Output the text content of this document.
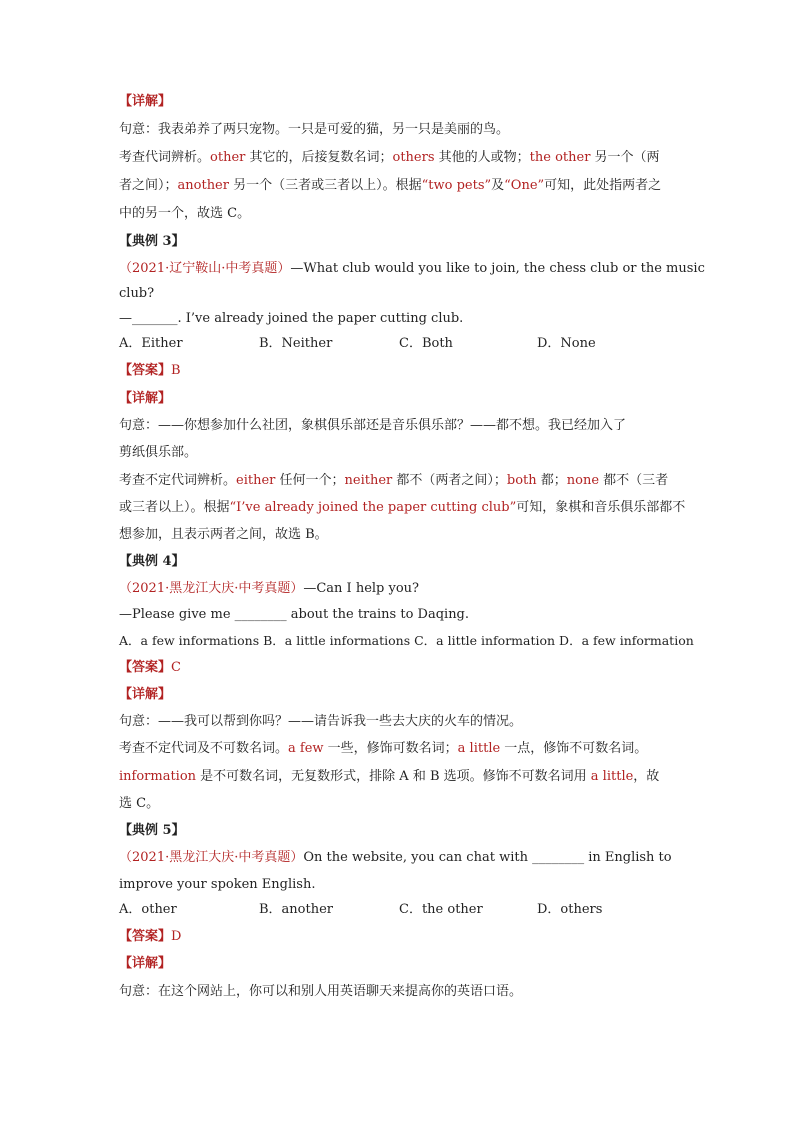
【详解】
句意：我表弟养了两只宠物。一只是可爱的猫，另一只是美丽的鸟。
考查代词辨析。other 其它的，后接复数名词；others 其他的人或物；the other 另一个（两
者之间）；another 另一个（三者或三者以上）。根据“two pets”及“One”可知，此处指两者之
中的另一个，故选 C。
【典例 3】
（2021·辽宁鞍山·中考真题）—What club would you like to join, the chess club or the music
club?
—_______. I’ve already joined the paper cutting club.
A．Either	B．Neither	C．Both	D．None
【答案】B
【详解】
句意：——你想参加什么社团，象棋俱乐部还是音乐俱乐部？——都不想。我已经加入了
剪纸俱乐部。
考查不定代词辨析。either 任何一个；neither 都不（两者之间）；both 都；none 都不（三者
或三者以上）。根据“I’ve already joined the paper cutting club”可知，象棋和音乐俱乐部都不
想参加，且表示两者之间，故选 B。
【典例 4】
（2021·黑龙江大庆·中考真题）—Can I help you?
—Please give me ________ about the trains to Daqing.
A．a few informations B．a little informations C．a little information D．a few information
【答案】C
【详解】
句意：——我可以帮到你吗？——请告诉我一些去大庆的火车的情况。
考查不定代词及不可数名词。a few 一些，修饰可数名词；a little 一点，修饰不可数名词。
information 是不可数名词，无复数形式，排除 A 和 B 选项。修饰不可数名词用 a little，故
选 C。
【典例 5】
（2021·黑龙江大庆·中考真题）On the website, you can chat with ________ in English to
improve your spoken English.
A．other	B．another	C．the other	D．others
【答案】D
【详解】
句意：在这个网站上，你可以和别人用英语聊天来提高你的英语口语。
